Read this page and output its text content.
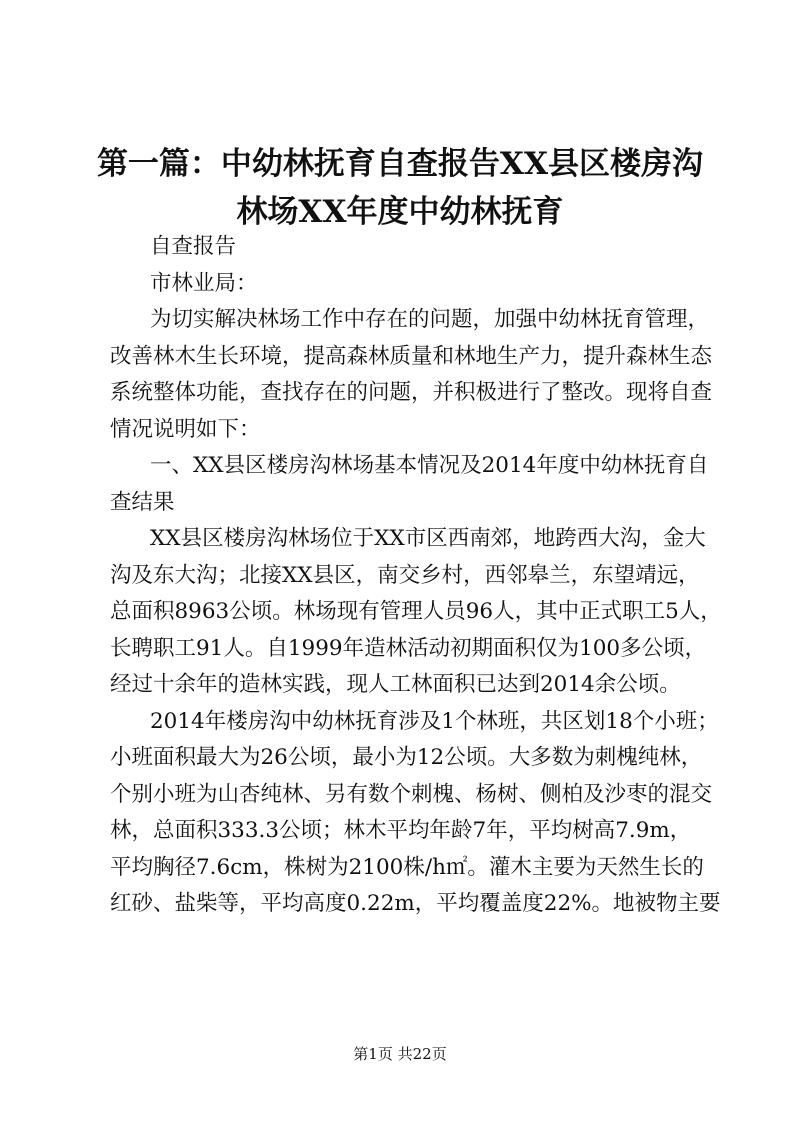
第一篇：中幼林抚育自查报告XX县区楼房沟
林场XX年度中幼林抚育
自查报告
市林业局：
为切实解决林场工作中存在的问题，加强中幼林抚育管理，
改善林木生长环境，提高森林质量和林地生产力，提升森林生态
系统整体功能，查找存在的问题，并积极进行了整改。现将自查
情况说明如下：
一、XX县区楼房沟林场基本情况及2014年度中幼林抚育自
查结果
XX县区楼房沟林场位于XX市区西南郊，地跨西大沟，金大
沟及东大沟；北接XX县区，南交乡村，西邻皋兰，东望靖远，
总面积8963公顷。林场现有管理人员96人，其中正式职工5人，
长聘职工91人。自1999年造林活动初期面积仅为100多公顷，
经过十余年的造林实践，现人工林面积已达到2014余公顷。
2014年楼房沟中幼林抚育涉及1个林班，共区划18个小班；
小班面积最大为26公顷，最小为12公顷。大多数为刺槐纯林，
个别小班为山杏纯林、另有数个刺槐、杨树、侧柏及沙枣的混交
林，总面积333.3公顷；林木平均年龄7年，平均树高7.9m，
平均胸径7.6cm，株树为2100株/h㎡。灌木主要为天然生长的
红砂、盐柴等，平均高度0.22m，平均覆盖度22%。地被物主要
第1页 共22页
